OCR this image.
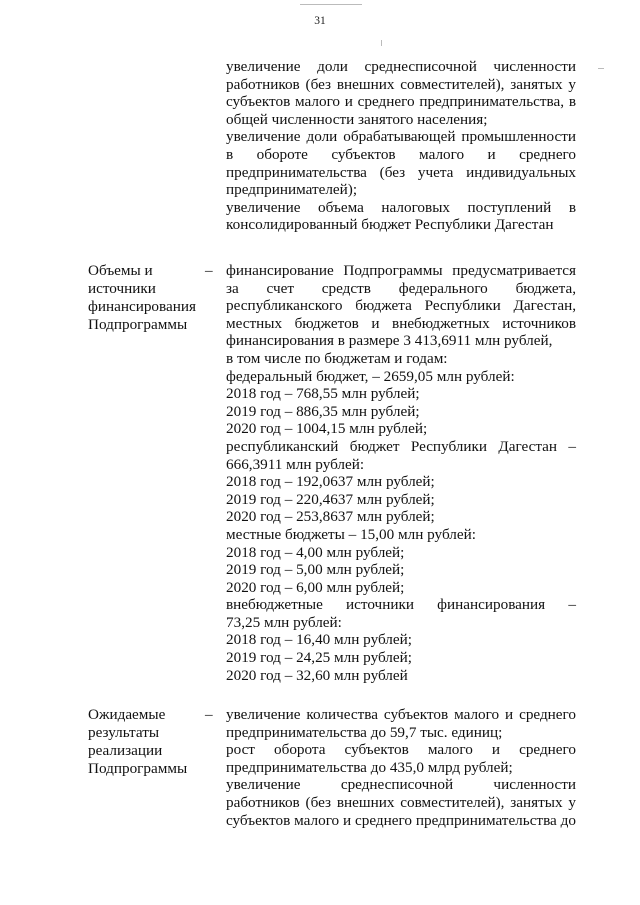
31
увеличение доли среднесписочной численности
работников (без внешних совместителей), занятых у
субъектов малого и среднего предпринимательства, в
общей численности занятого населения;
увеличение доли обрабатывающей промышленности
в обороте субъектов малого и среднего
предпринимательства (без учета индивидуальных
предпринимателей);
увеличение объема налоговых поступлений в
консолидированный бюджет Республики Дагестан
Объемы и
источники
финансирования
Подпрограммы
– финансирование Подпрограммы предусматривается
за счет средств федерального бюджета,
республиканского бюджета Республики Дагестан,
местных бюджетов и внебюджетных источников
финансирования в размере 3 413,6911 млн рублей,
в том числе по бюджетам и годам:
федеральный бюджет, – 2659,05 млн рублей:
2018 год – 768,55 млн рублей;
2019 год – 886,35 млн рублей;
2020 год – 1004,15 млн рублей;
республиканский бюджет Республики Дагестан –
666,3911 млн рублей:
2018 год – 192,0637 млн рублей;
2019 год – 220,4637 млн рублей;
2020 год – 253,8637 млн рублей;
местные бюджеты – 15,00 млн рублей:
2018 год – 4,00 млн рублей;
2019 год – 5,00 млн рублей;
2020 год – 6,00 млн рублей;
внебюджетные источники финансирования –
73,25 млн рублей:
2018 год – 16,40 млн рублей;
2019 год – 24,25 млн рублей;
2020 год – 32,60 млн рублей
Ожидаемые
результаты
реализации
Подпрограммы
– увеличение количества субъектов малого и среднего
предпринимательства до 59,7 тыс. единиц;
рост оборота субъектов малого и среднего
предпринимательства до 435,0 млрд рублей;
увеличение среднесписочной численности
работников (без внешних совместителей), занятых у
субъектов малого и среднего предпринимательства до
